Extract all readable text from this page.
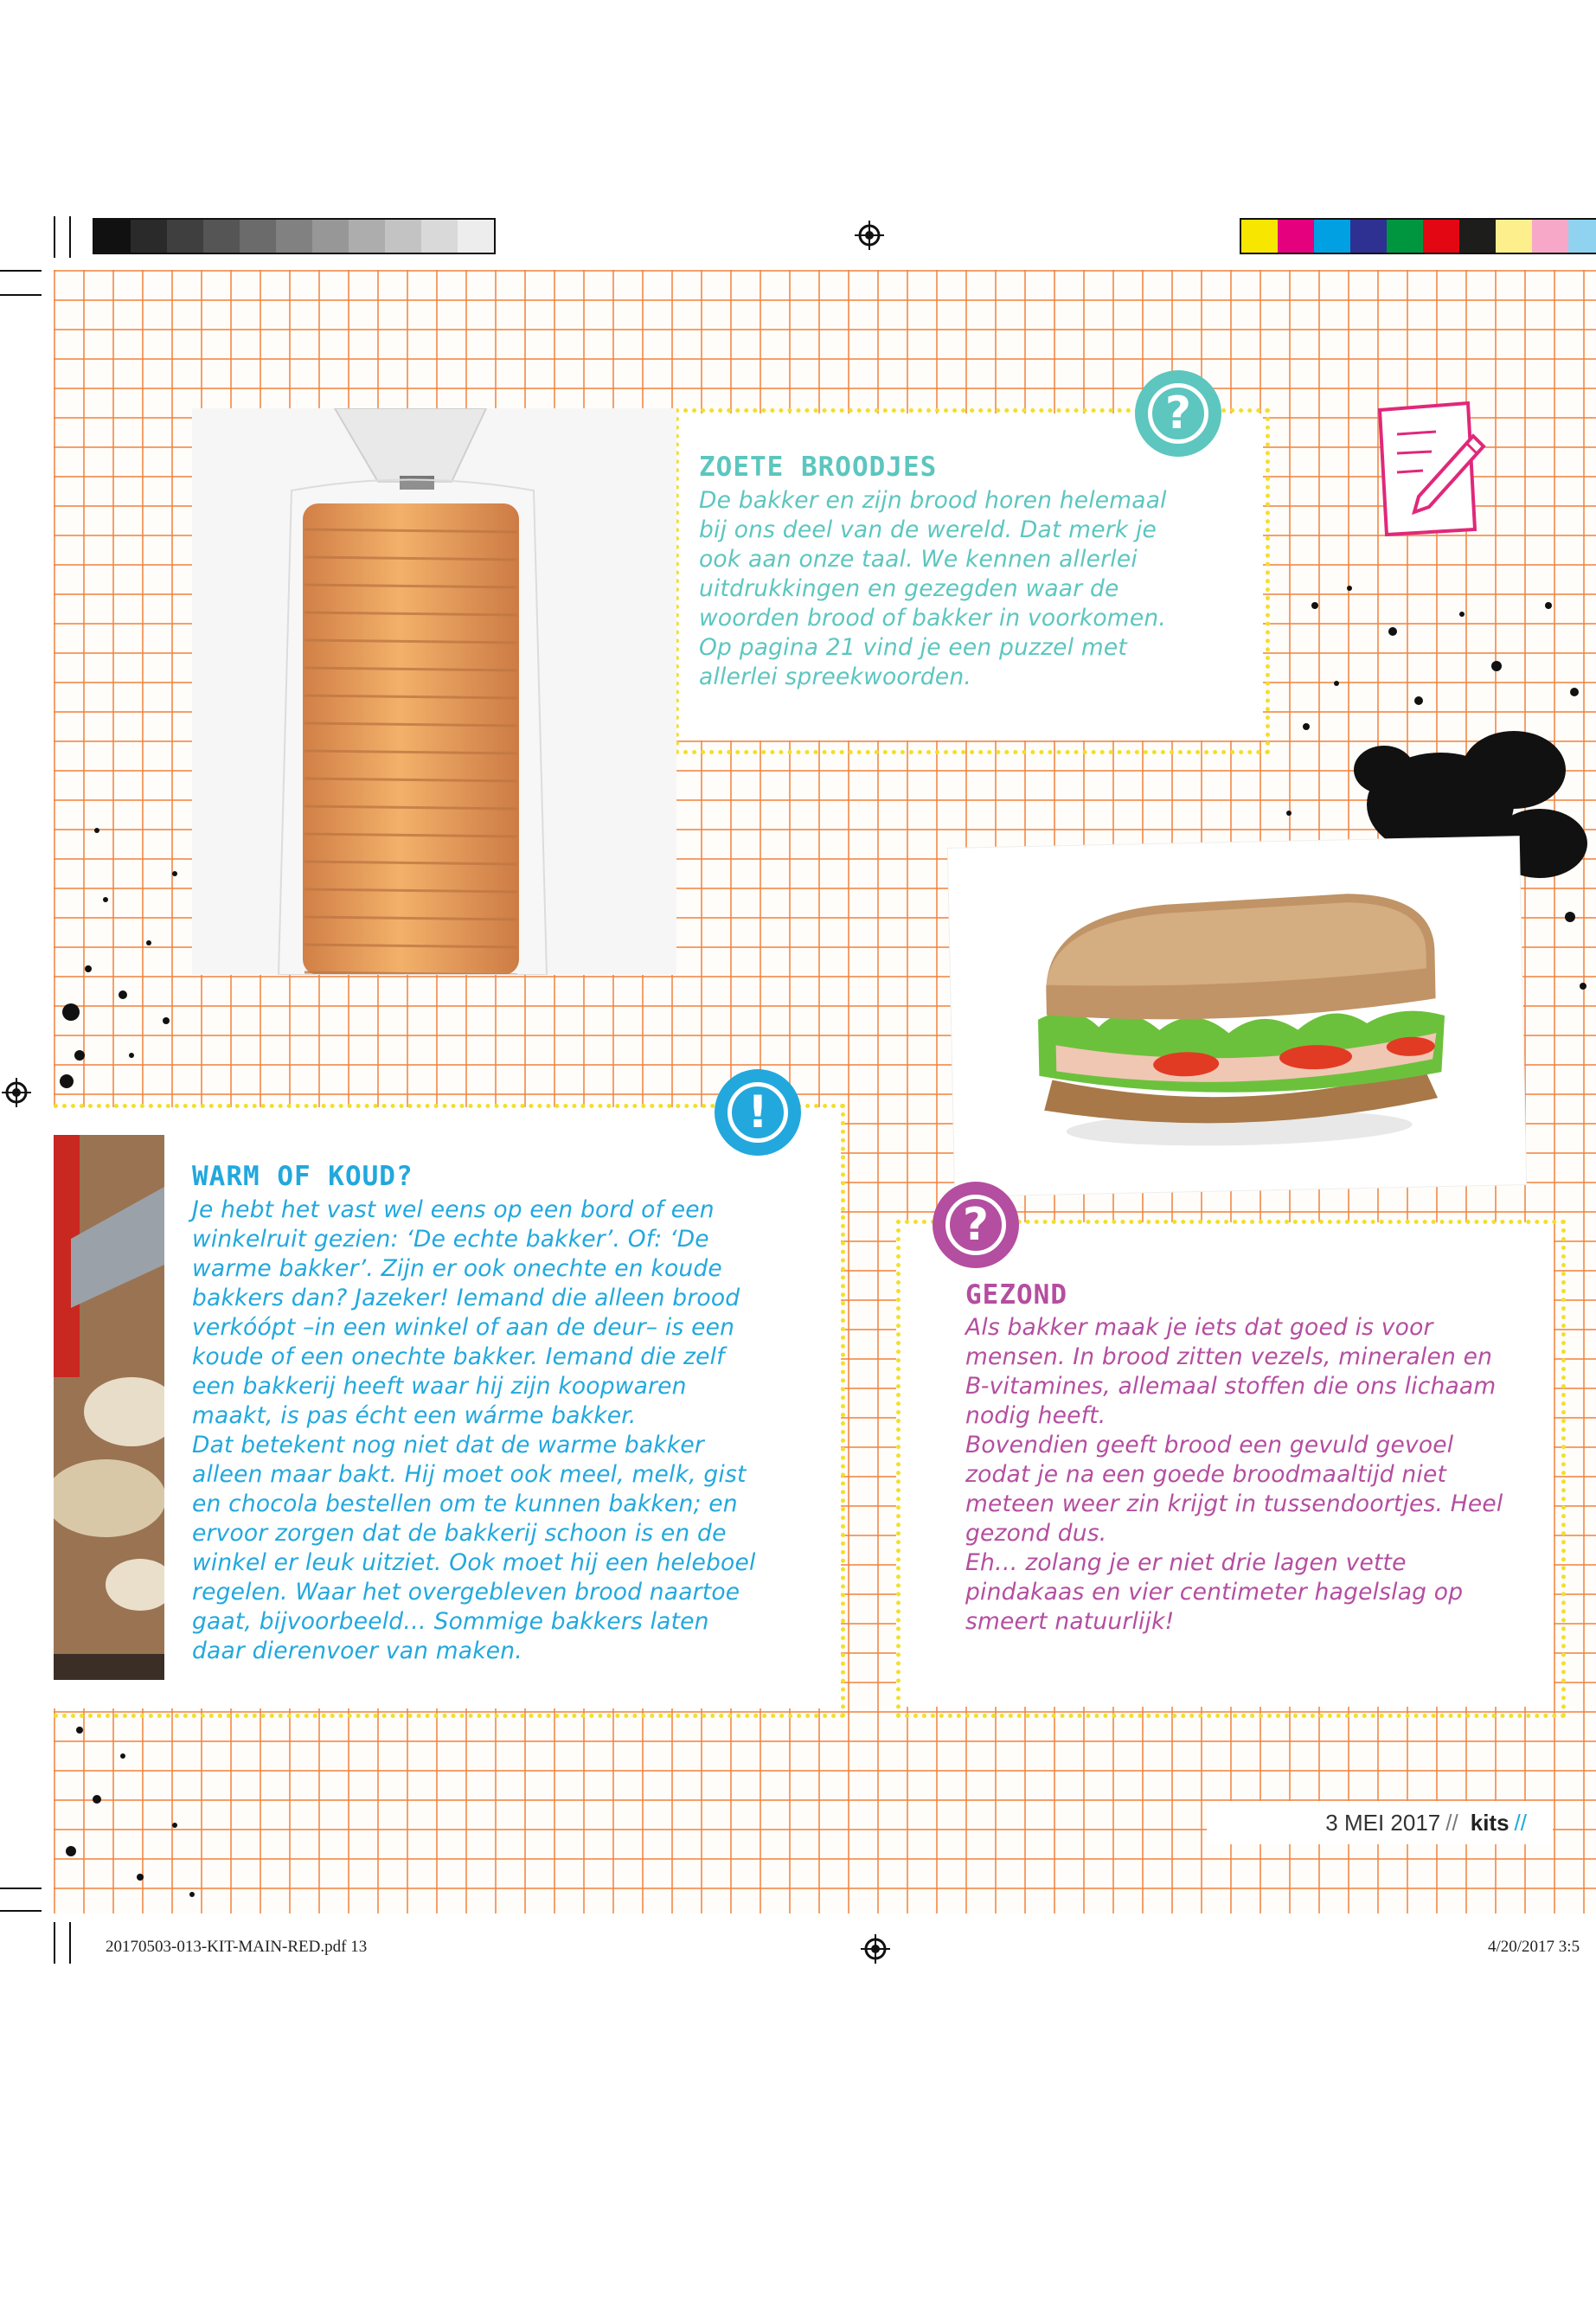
ZOETE BROODJES
De bakker en zijn brood horen helemaal bij ons deel van de wereld. Dat merk je ook aan onze taal. We kennen allerlei uitdrukkingen en gezegden waar de woorden brood of bakker in voorkomen. Op pagina 21 vind je een puzzel met allerlei spreekwoorden.
?
WARM OF KOUD?
Je hebt het vast wel eens op een bord of een winkelruit gezien: ‘De echte bakker’. Of: ‘De warme bakker’. Zijn er ook onechte en koude bakkers dan? Jazeker! Iemand die alleen brood verkóópt –in een winkel of aan de deur– is een koude of een onechte bakker. Iemand die zelf een bakkerij heeft waar hij zijn koopwaren maakt, is pas écht een wárme bakker.
Dat betekent nog niet dat de warme bakker alleen maar bakt. Hij moet ook meel, melk, gist en chocola bestellen om te kunnen bakken; en ervoor zorgen dat de bakkerij schoon is en de winkel er leuk uitziet. Ook moet hij een heleboel regelen. Waar het overgebleven brood naartoe gaat, bijvoorbeeld… Sommige bakkers laten daar dierenvoer van maken.
!
GEZOND
Als bakker maak je iets dat goed is voor mensen. In brood zitten vezels, mineralen en B-vitamines, allemaal stoffen die ons lichaam nodig heeft.
Bovendien geeft brood een gevuld gevoel zodat je na een goede broodmaaltijd niet meteen weer zin krijgt in tussendoortjes. Heel gezond dus.
Eh… zolang je er niet drie lagen vette pindakaas en vier centimeter hagelslag op smeert natuurlijk!
?
3 MEI 2017 // kits //
20170503-013-KIT-MAIN-RED.pdf 13	4/20/2017 3:5
